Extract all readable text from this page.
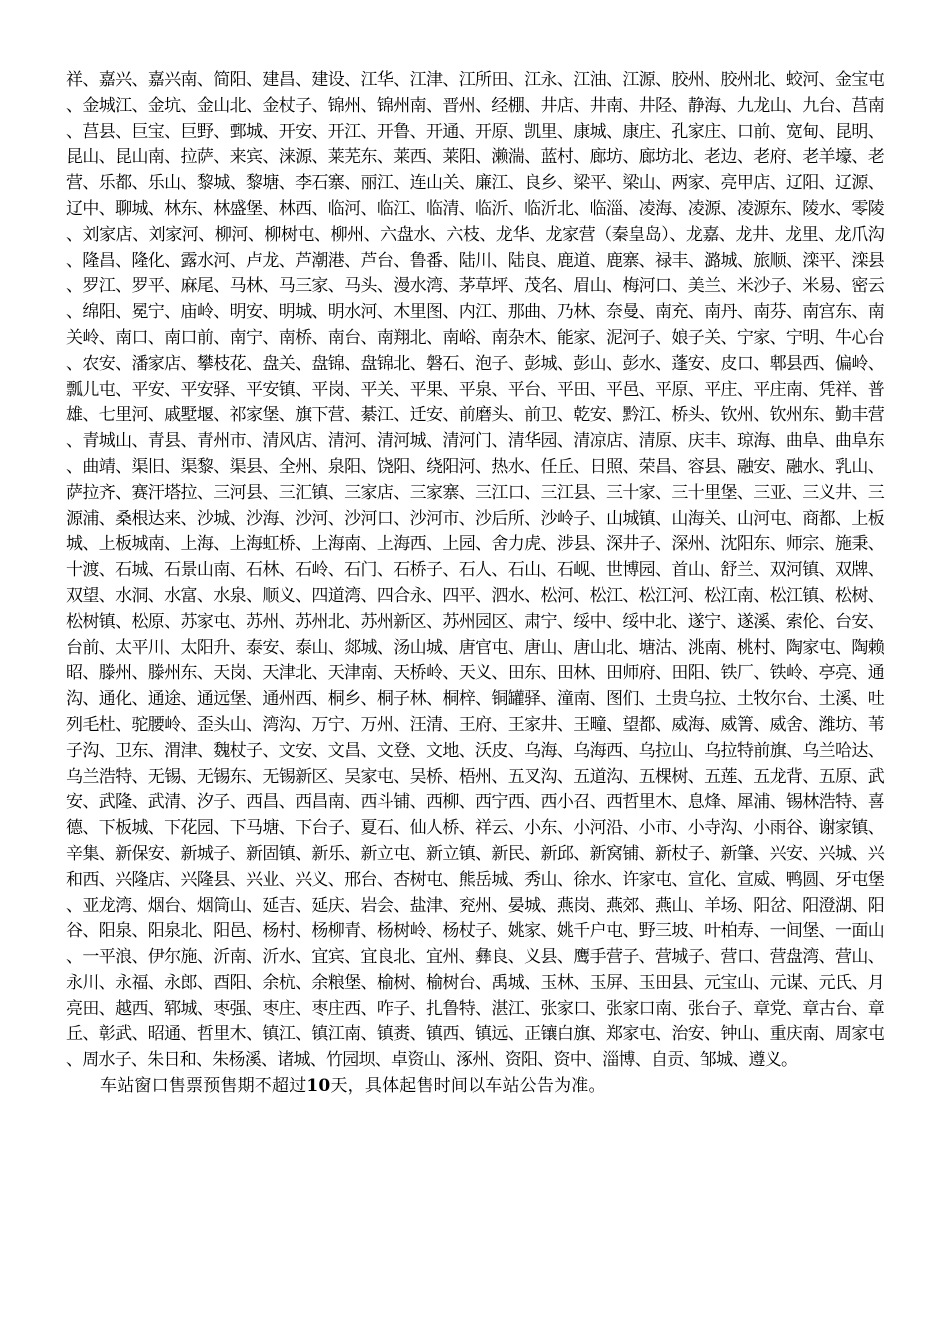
祥、嘉兴、嘉兴南、简阳、建昌、建设、江华、江津、江所田、江永、江油、江源、胶州、胶州北、蛟河、金宝屯、金城江、金坑、金山北、金杖子、锦州、锦州南、晋州、经棚、井店、井南、井陉、静海、九龙山、九台、莒南、莒县、巨宝、巨野、鄄城、开安、开江、开鲁、开通、开原、凯里、康城、康庄、孔家庄、口前、宽甸、昆明、昆山、昆山南、拉萨、来宾、涞源、莱芜东、莱西、莱阳、濑湍、蓝村、廊坊、廊坊北、老边、老府、老羊壕、老营、乐都、乐山、黎城、黎塘、李石寨、丽江、连山关、廉江、良乡、梁平、梁山、两家、亮甲店、辽阳、辽源、辽中、聊城、林东、林盛堡、林西、临河、临江、临清、临沂、临沂北、临淄、凌海、凌源、凌源东、陵水、零陵、刘家店、刘家河、柳河、柳树屯、柳州、六盘水、六枝、龙华、龙家营（秦皇岛）、龙嘉、龙井、龙里、龙爪沟、隆昌、隆化、露水河、卢龙、芦潮港、芦台、鲁番、陆川、陆良、鹿道、鹿寨、禄丰、潞城、旅顺、滦平、滦县、罗江、罗平、麻尾、马林、马三家、马头、漫水湾、茅草坪、茂名、眉山、梅河口、美兰、米沙子、米易、密云、绵阳、冕宁、庙岭、明安、明城、明水河、木里图、内江、那曲、乃林、奈曼、南充、南丹、南芬、南宫东、南关岭、南口、南口前、南宁、南桥、南台、南翔北、南峪、南杂木、能家、泥河子、娘子关、宁家、宁明、牛心台、农安、潘家店、攀枝花、盘关、盘锦、盘锦北、磐石、泡子、彭城、彭山、彭水、蓬安、皮口、郫县西、偏岭、瓢儿屯、平安、平安驿、平安镇、平岗、平关、平果、平泉、平台、平田、平邑、平原、平庄、平庄南、凭祥、普雄、七里河、戚墅堰、祁家堡、旗下营、綦江、迁安、前磨头、前卫、乾安、黔江、桥头、钦州、钦州东、勤丰营、青城山、青县、青州市、清风店、清河、清河城、清河门、清华园、清凉店、清原、庆丰、琼海、曲阜、曲阜东、曲靖、渠旧、渠黎、渠县、全州、泉阳、饶阳、绕阳河、热水、任丘、日照、荣昌、容县、融安、融水、乳山、萨拉齐、赛汗塔拉、三河县、三汇镇、三家店、三家寨、三江口、三江县、三十家、三十里堡、三亚、三义井、三源浦、桑根达来、沙城、沙海、沙河、沙河口、沙河市、沙后所、沙岭子、山城镇、山海关、山河屯、商都、上板城、上板城南、上海、上海虹桥、上海南、上海西、上园、舍力虎、涉县、深井子、深州、沈阳东、师宗、施秉、十渡、石城、石景山南、石林、石岭、石门、石桥子、石人、石山、石岘、世博园、首山、舒兰、双河镇、双牌、双望、水洞、水富、水泉、顺义、四道湾、四合永、四平、泗水、松河、松江、松江河、松江南、松江镇、松树、松树镇、松原、苏家屯、苏州、苏州北、苏州新区、苏州园区、肃宁、绥中、绥中北、遂宁、遂溪、索伦、台安、台前、太平川、太阳升、泰安、泰山、郯城、汤山城、唐官屯、唐山、唐山北、塘沽、洮南、桃村、陶家屯、陶赖昭、滕州、滕州东、天岗、天津北、天津南、天桥岭、天义、田东、田林、田师府、田阳、铁厂、铁岭、亭亮、通沟、通化、通途、通远堡、通州西、桐乡、桐子林、桐梓、铜罐驿、潼南、图们、土贵乌拉、土牧尔台、土溪、吐列毛杜、驼腰岭、歪头山、湾沟、万宁、万州、汪清、王府、王家井、王疃、望都、威海、威箐、威舍、潍坊、苇子沟、卫东、渭津、魏杖子、文安、文昌、文登、文地、沃皮、乌海、乌海西、乌拉山、乌拉特前旗、乌兰哈达、乌兰浩特、无锡、无锡东、无锡新区、吴家屯、吴桥、梧州、五叉沟、五道沟、五棵树、五莲、五龙背、五原、武安、武隆、武清、汐子、西昌、西昌南、西斗铺、西柳、西宁西、西小召、西哲里木、息烽、犀浦、锡林浩特、喜德、下板城、下花园、下马塘、下台子、夏石、仙人桥、祥云、小东、小河沿、小市、小寺沟、小雨谷、谢家镇、辛集、新保安、新城子、新固镇、新乐、新立屯、新立镇、新民、新邱、新窝铺、新杖子、新肇、兴安、兴城、兴和西、兴隆店、兴隆县、兴业、兴义、邢台、杏树屯、熊岳城、秀山、徐水、许家屯、宣化、宣威、鸭圆、牙屯堡、亚龙湾、烟台、烟筒山、延吉、延庆、岩会、盐津、兖州、晏城、燕岗、燕郊、燕山、羊场、阳岔、阳澄湖、阳谷、阳泉、阳泉北、阳邑、杨村、杨柳青、杨树岭、杨杖子、姚家、姚千户屯、野三坡、叶柏寿、一间堡、一面山、一平浪、伊尔施、沂南、沂水、宜宾、宜良北、宜州、彝良、义县、鹰手营子、营城子、营口、营盘湾、营山、永川、永福、永郎、酉阳、余杭、余粮堡、榆树、榆树台、禹城、玉林、玉屏、玉田县、元宝山、元谋、元氏、月亮田、越西、郓城、枣强、枣庄、枣庄西、咋子、扎鲁特、湛江、张家口、张家口南、张台子、章党、章古台、章丘、彰武、昭通、哲里木、镇江、镇江南、镇赉、镇西、镇远、正镶白旗、郑家屯、治安、钟山、重庆南、周家屯、周水子、朱日和、朱杨溪、诸城、竹园坝、卓资山、涿州、资阳、资中、淄博、自贡、邹城、遵义。

车站窗口售票预售期不超过10天，具体起售时间以车站公告为准。
